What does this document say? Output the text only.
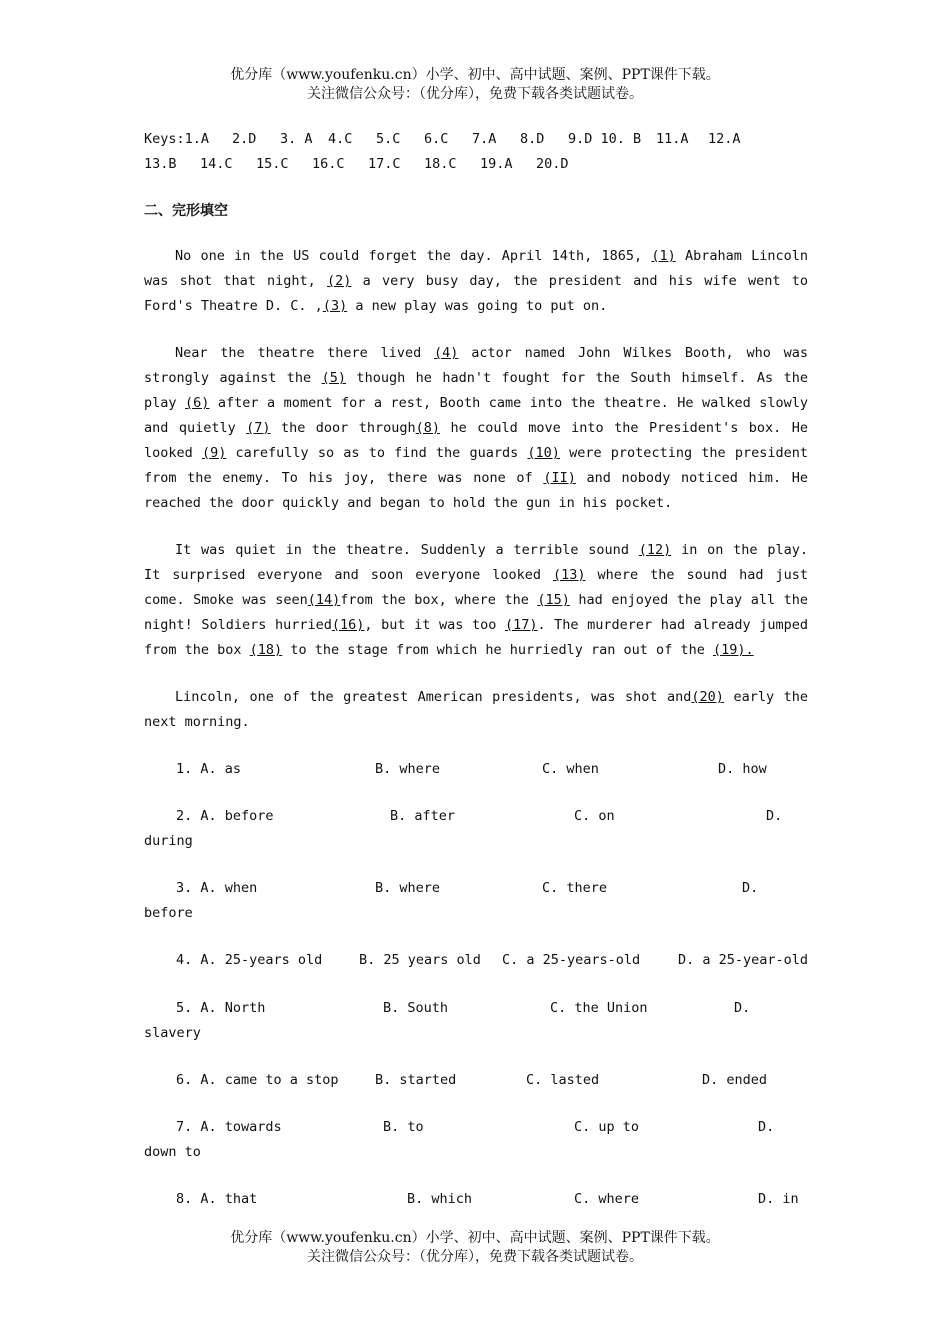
优分库（www.youfenku.cn）小学、初中、高中试题、案例、PPT课件下载。
关注微信公众号：（优分库），免费下载各类试题试卷。
Keys:1.A 2.D 3. A 4.C 5.C 6.C 7.A 8.D 9.D 10. B 11.A 12.A
13.B 14.C 15.C 16.C 17.C 18.C 19.A 20.D
二、完形填空

No one in the US could forget the day. April 14th, 1865, (1) Abraham Lincoln was shot that night, (2) a very busy day, the president and his wife went to Ford's Theatre D. C. ,(3) a new play was going to put on.

Near the theatre there lived (4) actor named John Wilkes Booth, who was strongly against the (5) though he hadn't fought for the South himself. As the play (6) after a moment for a rest, Booth came into the theatre. He walked slowly and quietly (7) the door through(8) he could move into the President's box. He looked (9) carefully so as to find the guards (10) were protecting the president from the enemy. To his joy, there was none of (II) and nobody noticed him. He reached the door quickly and began to hold the gun in his pocket.

It was quiet in the theatre. Suddenly a terrible sound (12) in on the play. It surprised everyone and soon everyone looked (13) where the sound had just come. Smoke was seen(14)from the box, where the (15) had enjoyed the play all the night! Soldiers hurried(16), but it was too (17). The murderer had already jumped from the box (18) to the stage from which he hurriedly ran out of the (19).

Lincoln, one of the greatest American presidents, was shot and(20) early the next morning.

1. A. as	B. where	C. when	D. how
2. A. before	B. after	C. on	D.
during
3. A. when	B. where	C. there	D.
before
4. A. 25-years old	B. 25 years old C. a 25-years-old	D. a 25-year-old
5. A. North	B. South	C. the Union	D.
slavery
6. A. came to a stop	B. started	C. lasted	D. ended
7. A. towards	B. to	C. up to	D.
down to
8. A. that	B. which	C. where	D. in
优分库（www.youfenku.cn）小学、初中、高中试题、案例、PPT课件下载。
关注微信公众号：（优分库），免费下载各类试题试卷。
